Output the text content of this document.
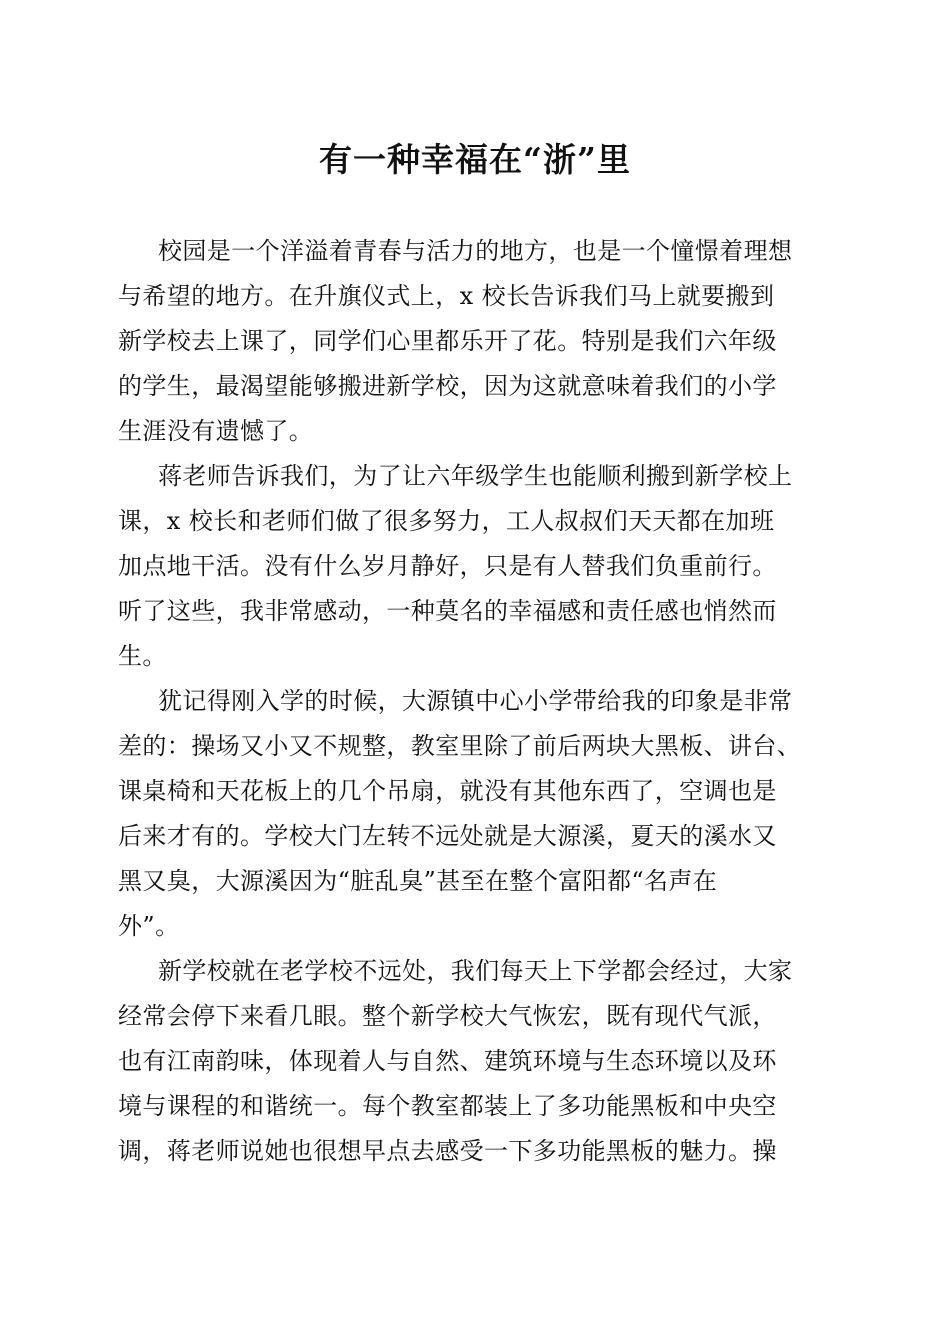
有一种幸福在“浙”里

校园是一个洋溢着青春与活力的地方，也是一个憧憬着理想
与希望的地方。在升旗仪式上，x 校长告诉我们马上就要搬到
新学校去上课了，同学们心里都乐开了花。特别是我们六年级
的学生，最渴望能够搬进新学校，因为这就意味着我们的小学
生涯没有遗憾了。

蒋老师告诉我们，为了让六年级学生也能顺利搬到新学校上
课，x 校长和老师们做了很多努力，工人叔叔们天天都在加班
加点地干活。没有什么岁月静好，只是有人替我们负重前行。
听了这些，我非常感动，一种莫名的幸福感和责任感也悄然而
生。

犹记得刚入学的时候，大源镇中心小学带给我的印象是非常
差的：操场又小又不规整，教室里除了前后两块大黑板、讲台、
课桌椅和天花板上的几个吊扇，就没有其他东西了，空调也是
后来才有的。学校大门左转不远处就是大源溪，夏天的溪水又
黑又臭，大源溪因为“脏乱臭”甚至在整个富阳都“名声在
外”。

新学校就在老学校不远处，我们每天上下学都会经过，大家
经常会停下来看几眼。整个新学校大气恢宏，既有现代气派，
也有江南韵味，体现着人与自然、建筑环境与生态环境以及环
境与课程的和谐统一。每个教室都装上了多功能黑板和中央空
调，蒋老师说她也很想早点去感受一下多功能黑板的魅力。操
